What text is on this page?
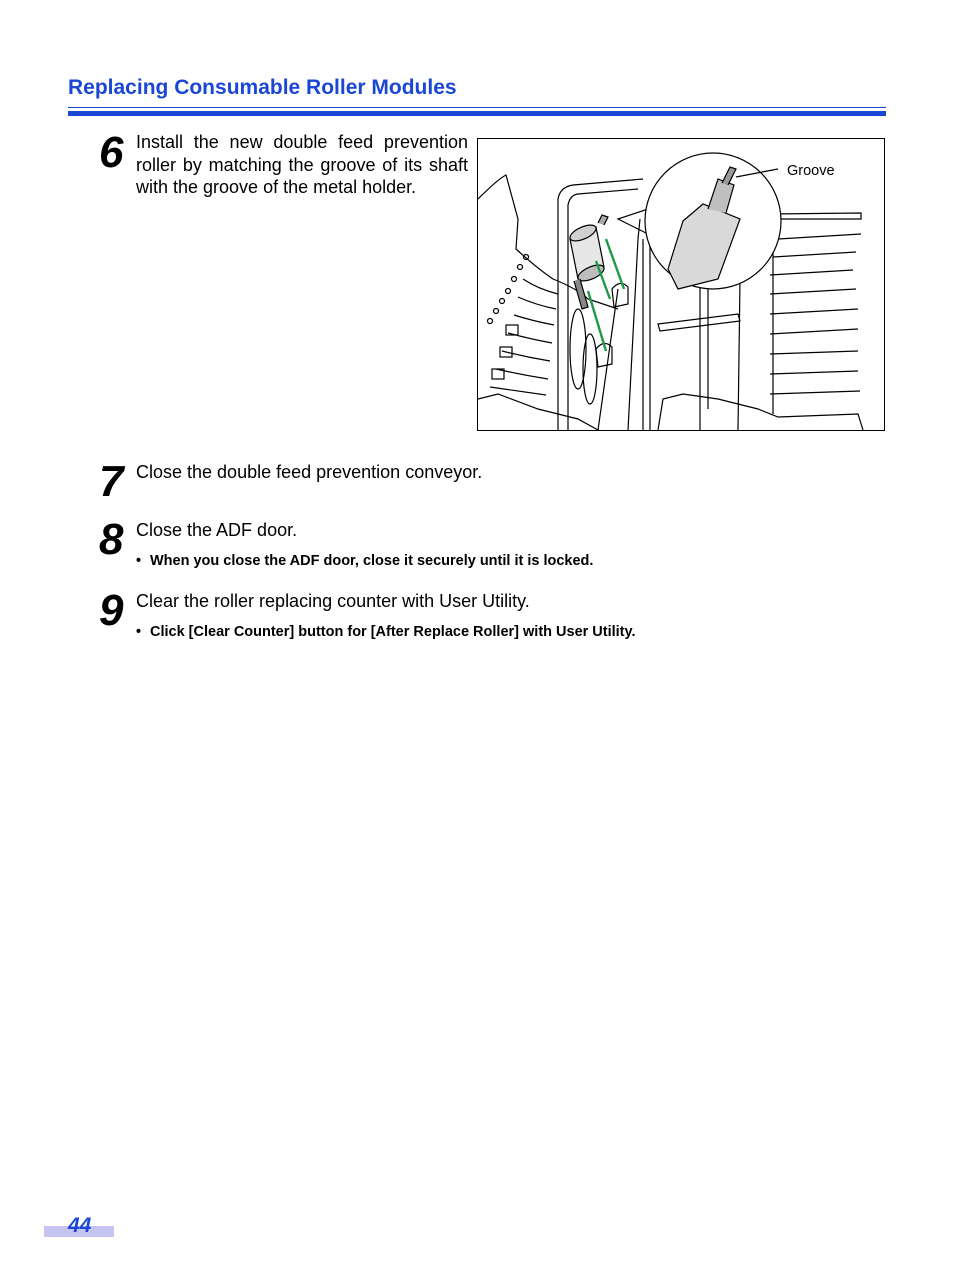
Replacing Consumable Roller Modules
6 Install the new double feed prevention roller by matching the groove of its shaft with the groove of the metal holder.
Groove
7 Close the double feed prevention conveyor.
8 Close the ADF door.
• When you close the ADF door, close it securely until it is locked.
9 Clear the roller replacing counter with User Utility.
• Click [Clear Counter] button for [After Replace Roller] with User Utility.
44
